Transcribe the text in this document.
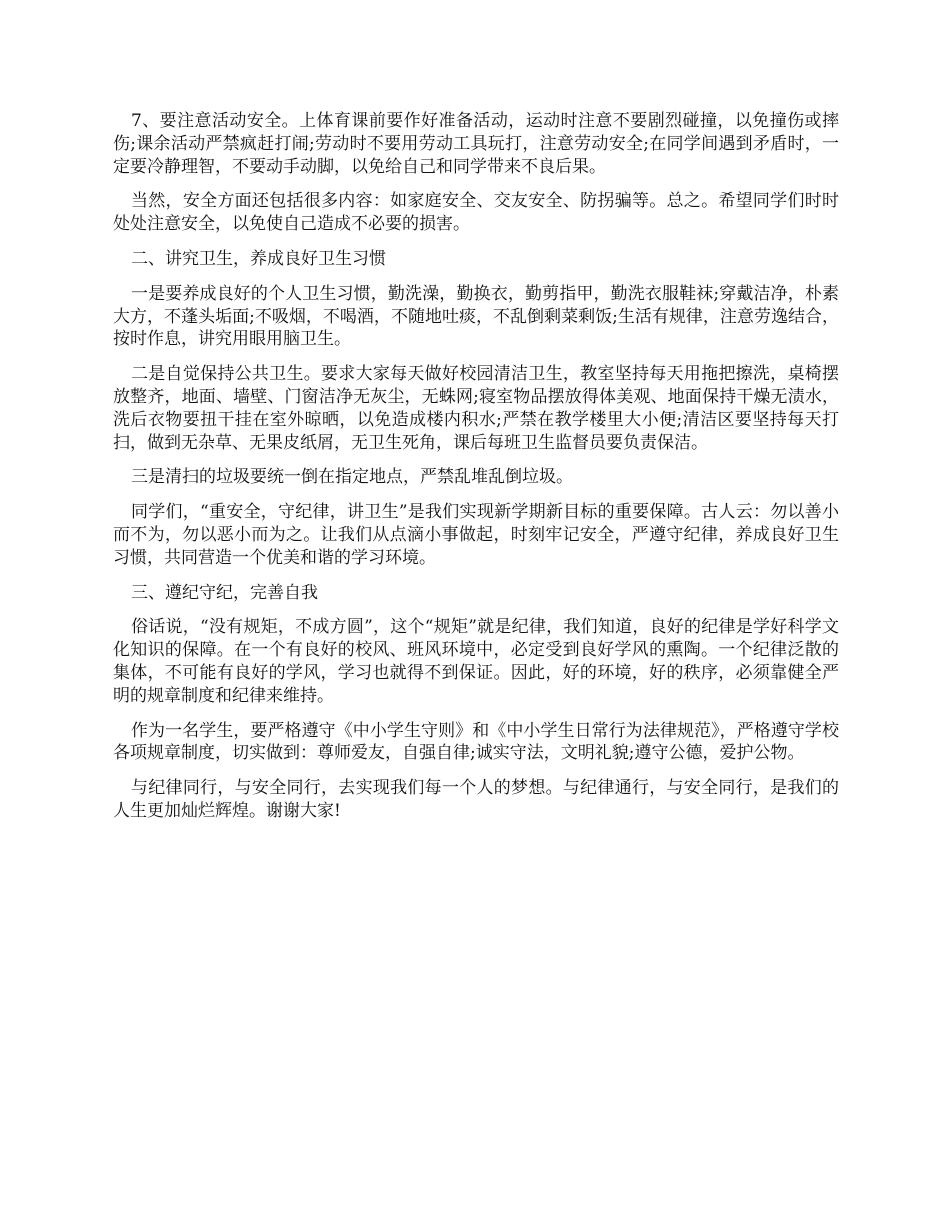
7、要注意活动安全。上体育课前要作好准备活动，运动时注意不要剧烈碰撞，以免撞伤或摔伤;课余活动严禁疯赶打闹;劳动时不要用劳动工具玩打，注意劳动安全;在同学间遇到矛盾时，一定要冷静理智，不要动手动脚，以免给自己和同学带来不良后果。

当然，安全方面还包括很多内容：如家庭安全、交友安全、防拐骗等。总之。希望同学们时时处处注意安全，以免使自己造成不必要的损害。

二、讲究卫生，养成良好卫生习惯

一是要养成良好的个人卫生习惯，勤洗澡，勤换衣，勤剪指甲，勤洗衣服鞋袜;穿戴洁净，朴素大方，不蓬头垢面;不吸烟，不喝酒，不随地吐痰，不乱倒剩菜剩饭;生活有规律，注意劳逸结合，按时作息，讲究用眼用脑卫生。

二是自觉保持公共卫生。要求大家每天做好校园清洁卫生，教室坚持每天用拖把擦洗，桌椅摆放整齐，地面、墙壁、门窗洁净无灰尘，无蛛网;寝室物品摆放得体美观、地面保持干燥无渍水，洗后衣物要扭干挂在室外晾晒，以免造成楼内积水;严禁在教学楼里大小便;清洁区要坚持每天打扫，做到无杂草、无果皮纸屑，无卫生死角，课后每班卫生监督员要负责保洁。

三是清扫的垃圾要统一倒在指定地点，严禁乱堆乱倒垃圾。

同学们，“重安全，守纪律，讲卫生”是我们实现新学期新目标的重要保障。古人云：勿以善小而不为，勿以恶小而为之。让我们从点滴小事做起，时刻牢记安全，严遵守纪律，养成良好卫生习惯，共同营造一个优美和谐的学习环境。

三、遵纪守纪，完善自我

俗话说，“没有规矩，不成方圆”，这个“规矩”就是纪律，我们知道，良好的纪律是学好科学文化知识的保障。在一个有良好的校风、班风环境中，必定受到良好学风的熏陶。一个纪律泛散的集体，不可能有良好的学风，学习也就得不到保证。因此，好的环境，好的秩序，必须靠健全严明的规章制度和纪律来维持。

作为一名学生，要严格遵守《中小学生守则》和《中小学生日常行为法律规范》，严格遵守学校各项规章制度，切实做到：尊师爱友，自强自律;诚实守法，文明礼貌;遵守公德，爱护公物。

与纪律同行，与安全同行，去实现我们每一个人的梦想。与纪律通行，与安全同行，是我们的人生更加灿烂辉煌。谢谢大家!
